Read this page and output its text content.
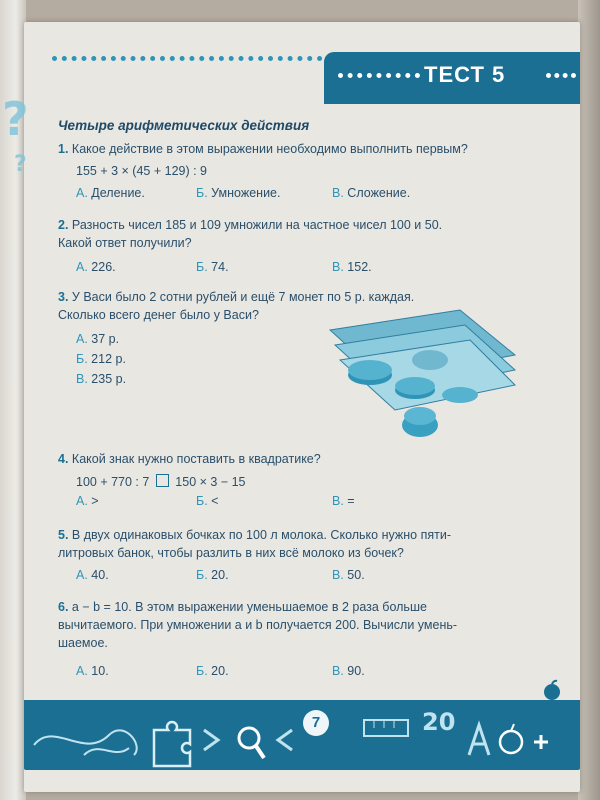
?
?
ТЕСТ 5
Четыре арифметических действия
1. Какое действие в этом выражении необходимо выполнить первым?
155 + 3 × (45 + 129) : 9
А. Деление.	Б. Умножение.	В. Сложение.
2. Разность чисел 185 и 109 умножили на частное чисел 100 и 50.
Какой ответ получили?
А. 226.	Б. 74.	В. 152.
3. У Васи было 2 сотни рублей и ещё 7 монет по 5 р. каждая.
Сколько всего денег было у Васи?
А. 37 р.
Б. 212 р.
В. 235 р.
4. Какой знак нужно поставить в квадратике?
100 + 770 : 7 150 × 3 − 15
А. >	Б. <	В. =
5. В двух одинаковых бочках по 100 л молока. Сколько нужно пяти-
литровых банок, чтобы разлить в них всё молоко из бочек?
А. 40.	Б. 20.	В. 50.
6. a − b = 10. В этом выражении уменьшаемое в 2 раза больше
вычитаемого. При умножении a и b получается 200. Вычисли умень-
шаемое.
А. 10.	Б. 20.	В. 90.
20
7
